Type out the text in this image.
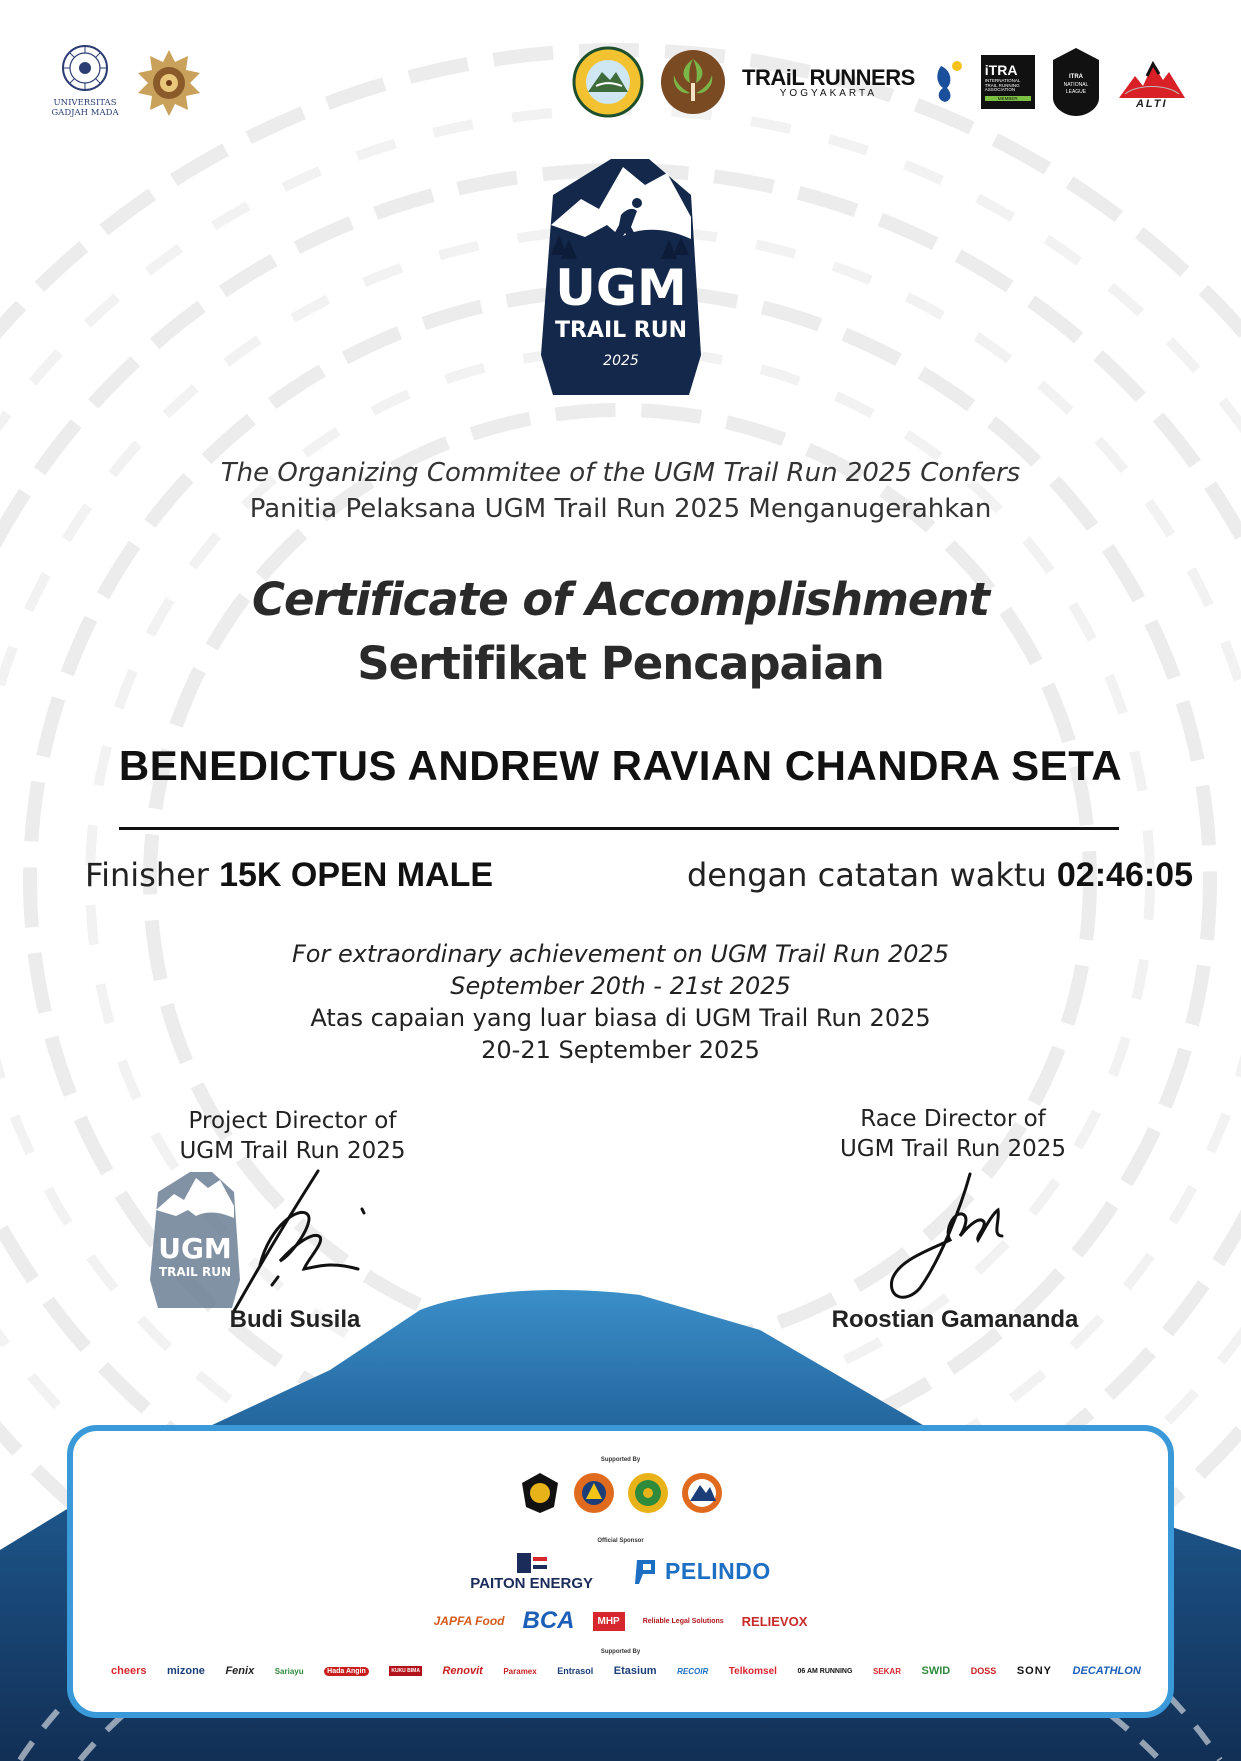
UNIVERSITAS GADJAH MADA
TRAiL RUNNERS
YOGYAKARTA
iTRA
INTERNATIONAL TRAIL RUNNING ASSOCIATION
MEMBER
ITRA
NATIONAL
LEAGUE
ALTI
UGM
TRAIL RUN
2025
The Organizing Commitee of the UGM Trail Run 2025 Confers
Panitia Pelaksana UGM Trail Run 2025 Menganugerahkan
Certificate of Accomplishment
Sertifikat Pencapaian
BENEDICTUS ANDREW RAVIAN CHANDRA SETA
Finisher 15K OPEN MALE	dengan catatan waktu 02:46:05
For extraordinary achievement on UGM Trail Run 2025
September 20th - 21st 2025
Atas capaian yang luar biasa di UGM Trail Run 2025
20-21 September 2025
Project Director of
UGM Trail Run 2025
Race Director of
UGM Trail Run 2025
UGM
TRAIL RUN
Budi Susila	Roostian Gamananda
Supported By
Official Sponsor
PAITON ENERGY	PELINDO
JAPFA Food BCA	MHP	Reliable Legal Solutions RELIEVOX
Supported By
cheers mizone Fenix	Sariayu	Hada Angin	KUKU BIMA Renovit	Paramex Entrasol Etasium	RECOIR Telkomsel	06 AM RUNNING	SEKAR SWID DOSS SONY DECATHLON
